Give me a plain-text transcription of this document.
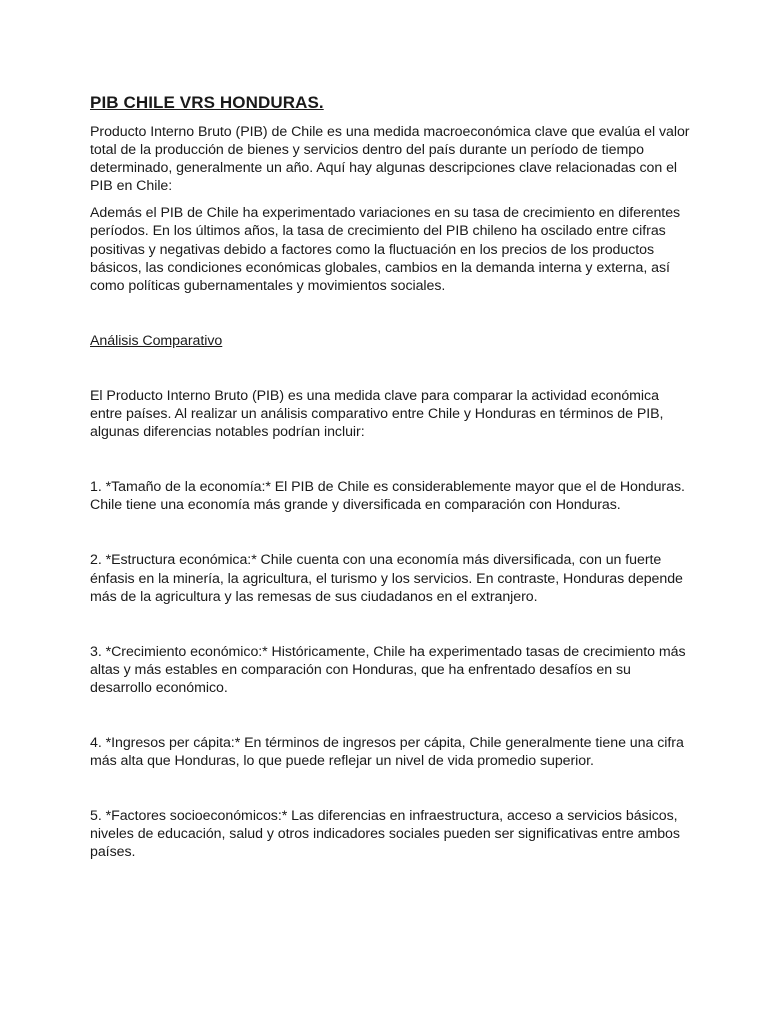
PIB CHILE VRS HONDURAS.

Producto Interno Bruto (PIB) de Chile es una medida macroeconómica clave que evalúa el valor total de la producción de bienes y servicios dentro del país durante un período de tiempo determinado, generalmente un año. Aquí hay algunas descripciones clave relacionadas con el PIB en Chile:

Además el PIB de Chile ha experimentado variaciones en su tasa de crecimiento en diferentes períodos. En los últimos años, la tasa de crecimiento del PIB chileno ha oscilado entre cifras positivas y negativas debido a factores como la fluctuación en los precios de los productos básicos, las condiciones económicas globales, cambios en la demanda interna y externa, así como políticas gubernamentales y movimientos sociales.

Análisis Comparativo

El Producto Interno Bruto (PIB) es una medida clave para comparar la actividad económica entre países. Al realizar un análisis comparativo entre Chile y Honduras en términos de PIB, algunas diferencias notables podrían incluir:

1. *Tamaño de la economía:* El PIB de Chile es considerablemente mayor que el de Honduras. Chile tiene una economía más grande y diversificada en comparación con Honduras.

2. *Estructura económica:* Chile cuenta con una economía más diversificada, con un fuerte énfasis en la minería, la agricultura, el turismo y los servicios. En contraste, Honduras depende más de la agricultura y las remesas de sus ciudadanos en el extranjero.

3. *Crecimiento económico:* Históricamente, Chile ha experimentado tasas de crecimiento más altas y más estables en comparación con Honduras, que ha enfrentado desafíos en su desarrollo económico.

4. *Ingresos per cápita:* En términos de ingresos per cápita, Chile generalmente tiene una cifra más alta que Honduras, lo que puede reflejar un nivel de vida promedio superior.

5. *Factores socioeconómicos:* Las diferencias en infraestructura, acceso a servicios básicos, niveles de educación, salud y otros indicadores sociales pueden ser significativas entre ambos países.
